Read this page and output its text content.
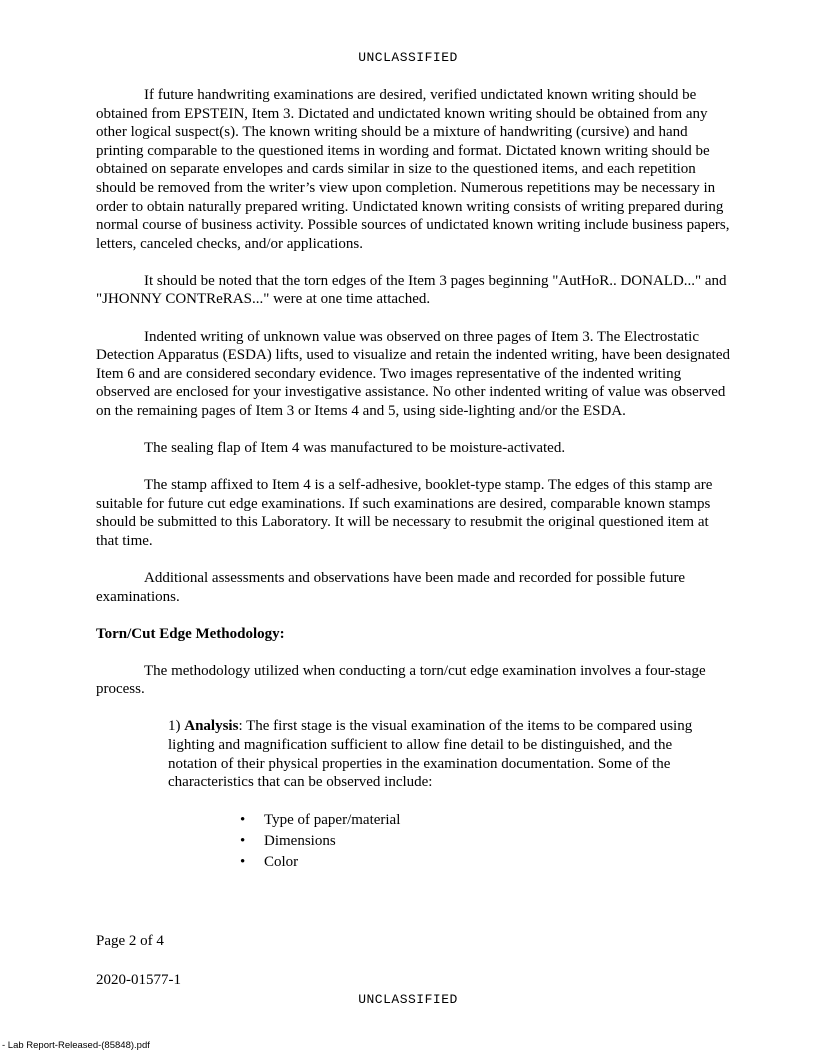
UNCLASSIFIED

If future handwriting examinations are desired, verified undictated known writing should be obtained from EPSTEIN, Item 3. Dictated and undictated known writing should be obtained from any other logical suspect(s). The known writing should be a mixture of handwriting (cursive) and hand printing comparable to the questioned items in wording and format. Dictated known writing should be obtained on separate envelopes and cards similar in size to the questioned items, and each repetition should be removed from the writer’s view upon completion. Numerous repetitions may be necessary in order to obtain naturally prepared writing. Undictated known writing consists of writing prepared during normal course of business activity. Possible sources of undictated known writing include business papers, letters, canceled checks, and/or applications.

It should be noted that the torn edges of the Item 3 pages beginning "AutHoR.. DONALD..." and "JHONNY CONTReRAS..." were at one time attached.

Indented writing of unknown value was observed on three pages of Item 3. The Electrostatic Detection Apparatus (ESDA) lifts, used to visualize and retain the indented writing, have been designated Item 6 and are considered secondary evidence. Two images representative of the indented writing observed are enclosed for your investigative assistance. No other indented writing of value was observed on the remaining pages of Item 3 or Items 4 and 5, using side-lighting and/or the ESDA.

The sealing flap of Item 4 was manufactured to be moisture-activated.

The stamp affixed to Item 4 is a self-adhesive, booklet-type stamp. The edges of this stamp are suitable for future cut edge examinations. If such examinations are desired, comparable known stamps should be submitted to this Laboratory. It will be necessary to resubmit the original questioned item at that time.

Additional assessments and observations have been made and recorded for possible future examinations.

Torn/Cut Edge Methodology:

The methodology utilized when conducting a torn/cut edge examination involves a four-stage process.

1) Analysis: The first stage is the visual examination of the items to be compared using lighting and magnification sufficient to allow fine detail to be distinguished, and the notation of their physical properties in the examination documentation. Some of the characteristics that can be observed include:

• Type of paper/material
• Dimensions
• Color
Page 2 of 4
2020-01577-1
UNCLASSIFIED
- Lab Report-Released-(85848).pdf
